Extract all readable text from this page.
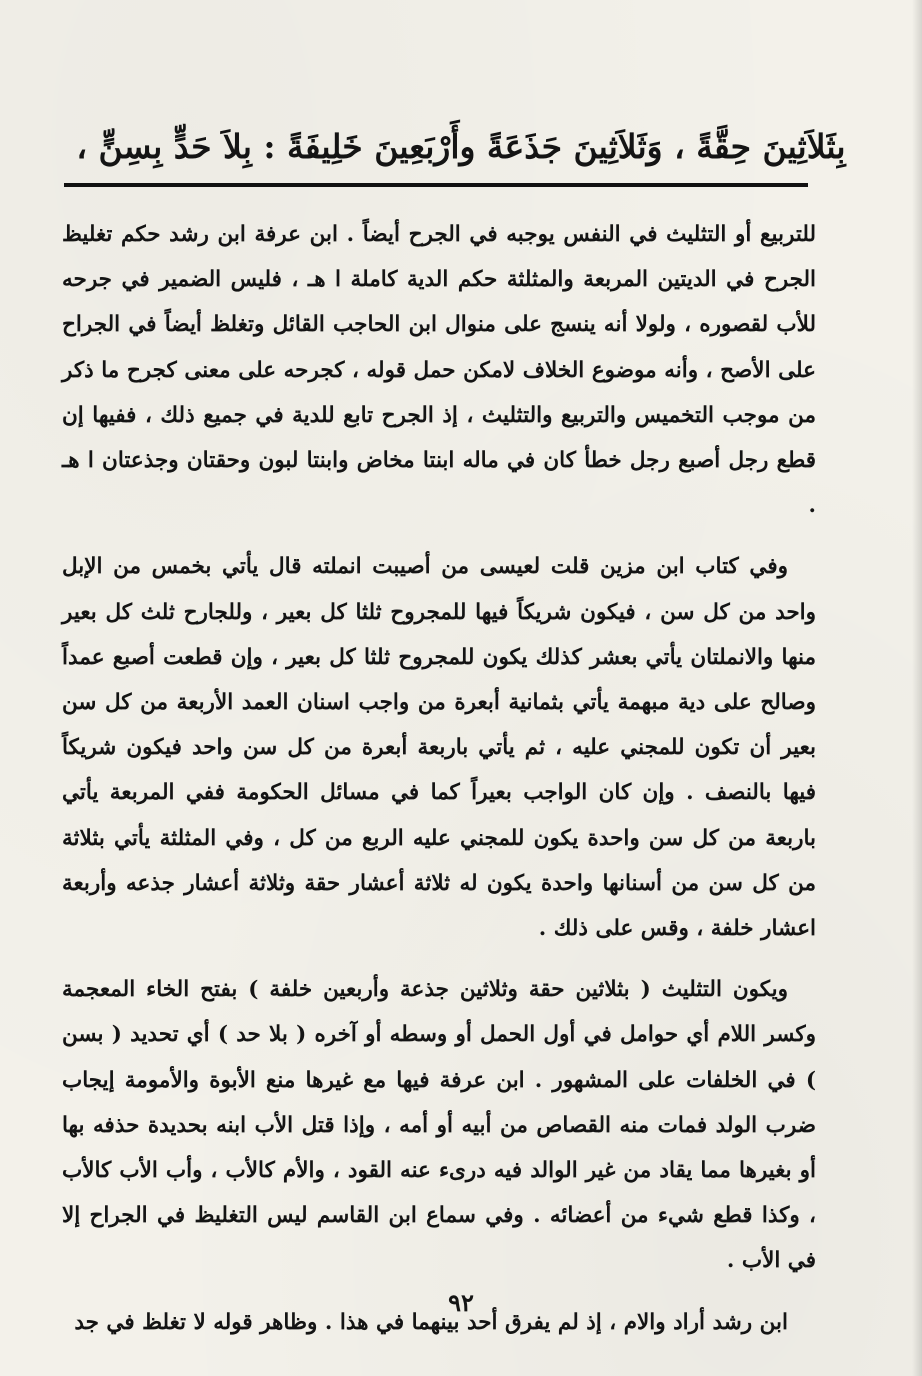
بِثَلاَثِينَ حِقَّةً ، وَثَلاَثِينَ جَذَعَةً وأَرْبَعِينَ خَلِيفَةً : بِلاَ حَدٍّ بِسِنٍّ ،

للتربيع أو التثليث في النفس يوجبه في الجرح أيضاً . ابن عرفة ابن رشد حكم تغليظ الجرح في الديتين المربعة والمثلثة حكم الدية كاملة ا هـ ، فليس الضمير في جرحه للأب لقصوره ، ولولا أنه ينسج على منوال ابن الحاجب القائل وتغلظ أيضاً في الجراح على الأصح ، وأنه موضوع الخلاف لامكن حمل قوله ، كجرحه على معنى كجرح ما ذكر من موجب التخميس والتربيع والتثليث ، إذ الجرح تابع للدية في جميع ذلك ، ففيها إن قطع رجل أصبع رجل خطأ كان في ماله ابنتا مخاض وابنتا لبون وحقتان وجذعتان ا هـ .

وفي كتاب ابن مزين قلت لعيسى من أصيبت انملته قال يأتي بخمس من الإبل واحد من كل سن ، فيكون شريكاً فيها للمجروح ثلثا كل بعير ، وللجارح ثلث كل بعير منها والانملتان يأتي بعشر كذلك يكون للمجروح ثلثا كل بعير ، وإن قطعت أصبع عمداً وصالح على دية مبهمة يأتي بثمانية أبعرة من واجب اسنان العمد الأربعة من كل سن بعير أن تكون للمجني عليه ، ثم يأتي باربعة أبعرة من كل سن واحد فيكون شريكاً فيها بالنصف . وإن كان الواجب بعيراً كما في مسائل الحكومة ففي المربعة يأتي باربعة من كل سن واحدة يكون للمجني عليه الربع من كل ، وفي المثلثة يأتي بثلاثة من كل سن من أسنانها واحدة يكون له ثلاثة أعشار حقة وثلاثة أعشار جذعه وأربعة اعشار خلفة ، وقس على ذلك .

ويكون التثليث ( بثلاثين حقة وثلاثين جذعة وأربعين خلفة ) بفتح الخاء المعجمة وكسر اللام أي حوامل في أول الحمل أو وسطه أو آخره ( بلا حد ) أي تحديد ( بسن ) في الخلفات على المشهور . ابن عرفة فيها مع غيرها منع الأبوة والأمومة إيجاب ضرب الولد فمات منه القصاص من أبيه أو أمه ، وإذا قتل الأب ابنه بحديدة حذفه بها أو بغيرها مما يقاد من غير الوالد فيه درىء عنه القود ، والأم كالأب ، وأب الأب كالأب ، وكذا قطع شيء من أعضائه . وفي سماع ابن القاسم ليس التغليظ في الجراح إلا في الأب .

ابن رشد أراد والام ، إذ لم يفرق أحد بينهما في هذا . وظاهر قوله لا تغلظ في جد

٩٢
